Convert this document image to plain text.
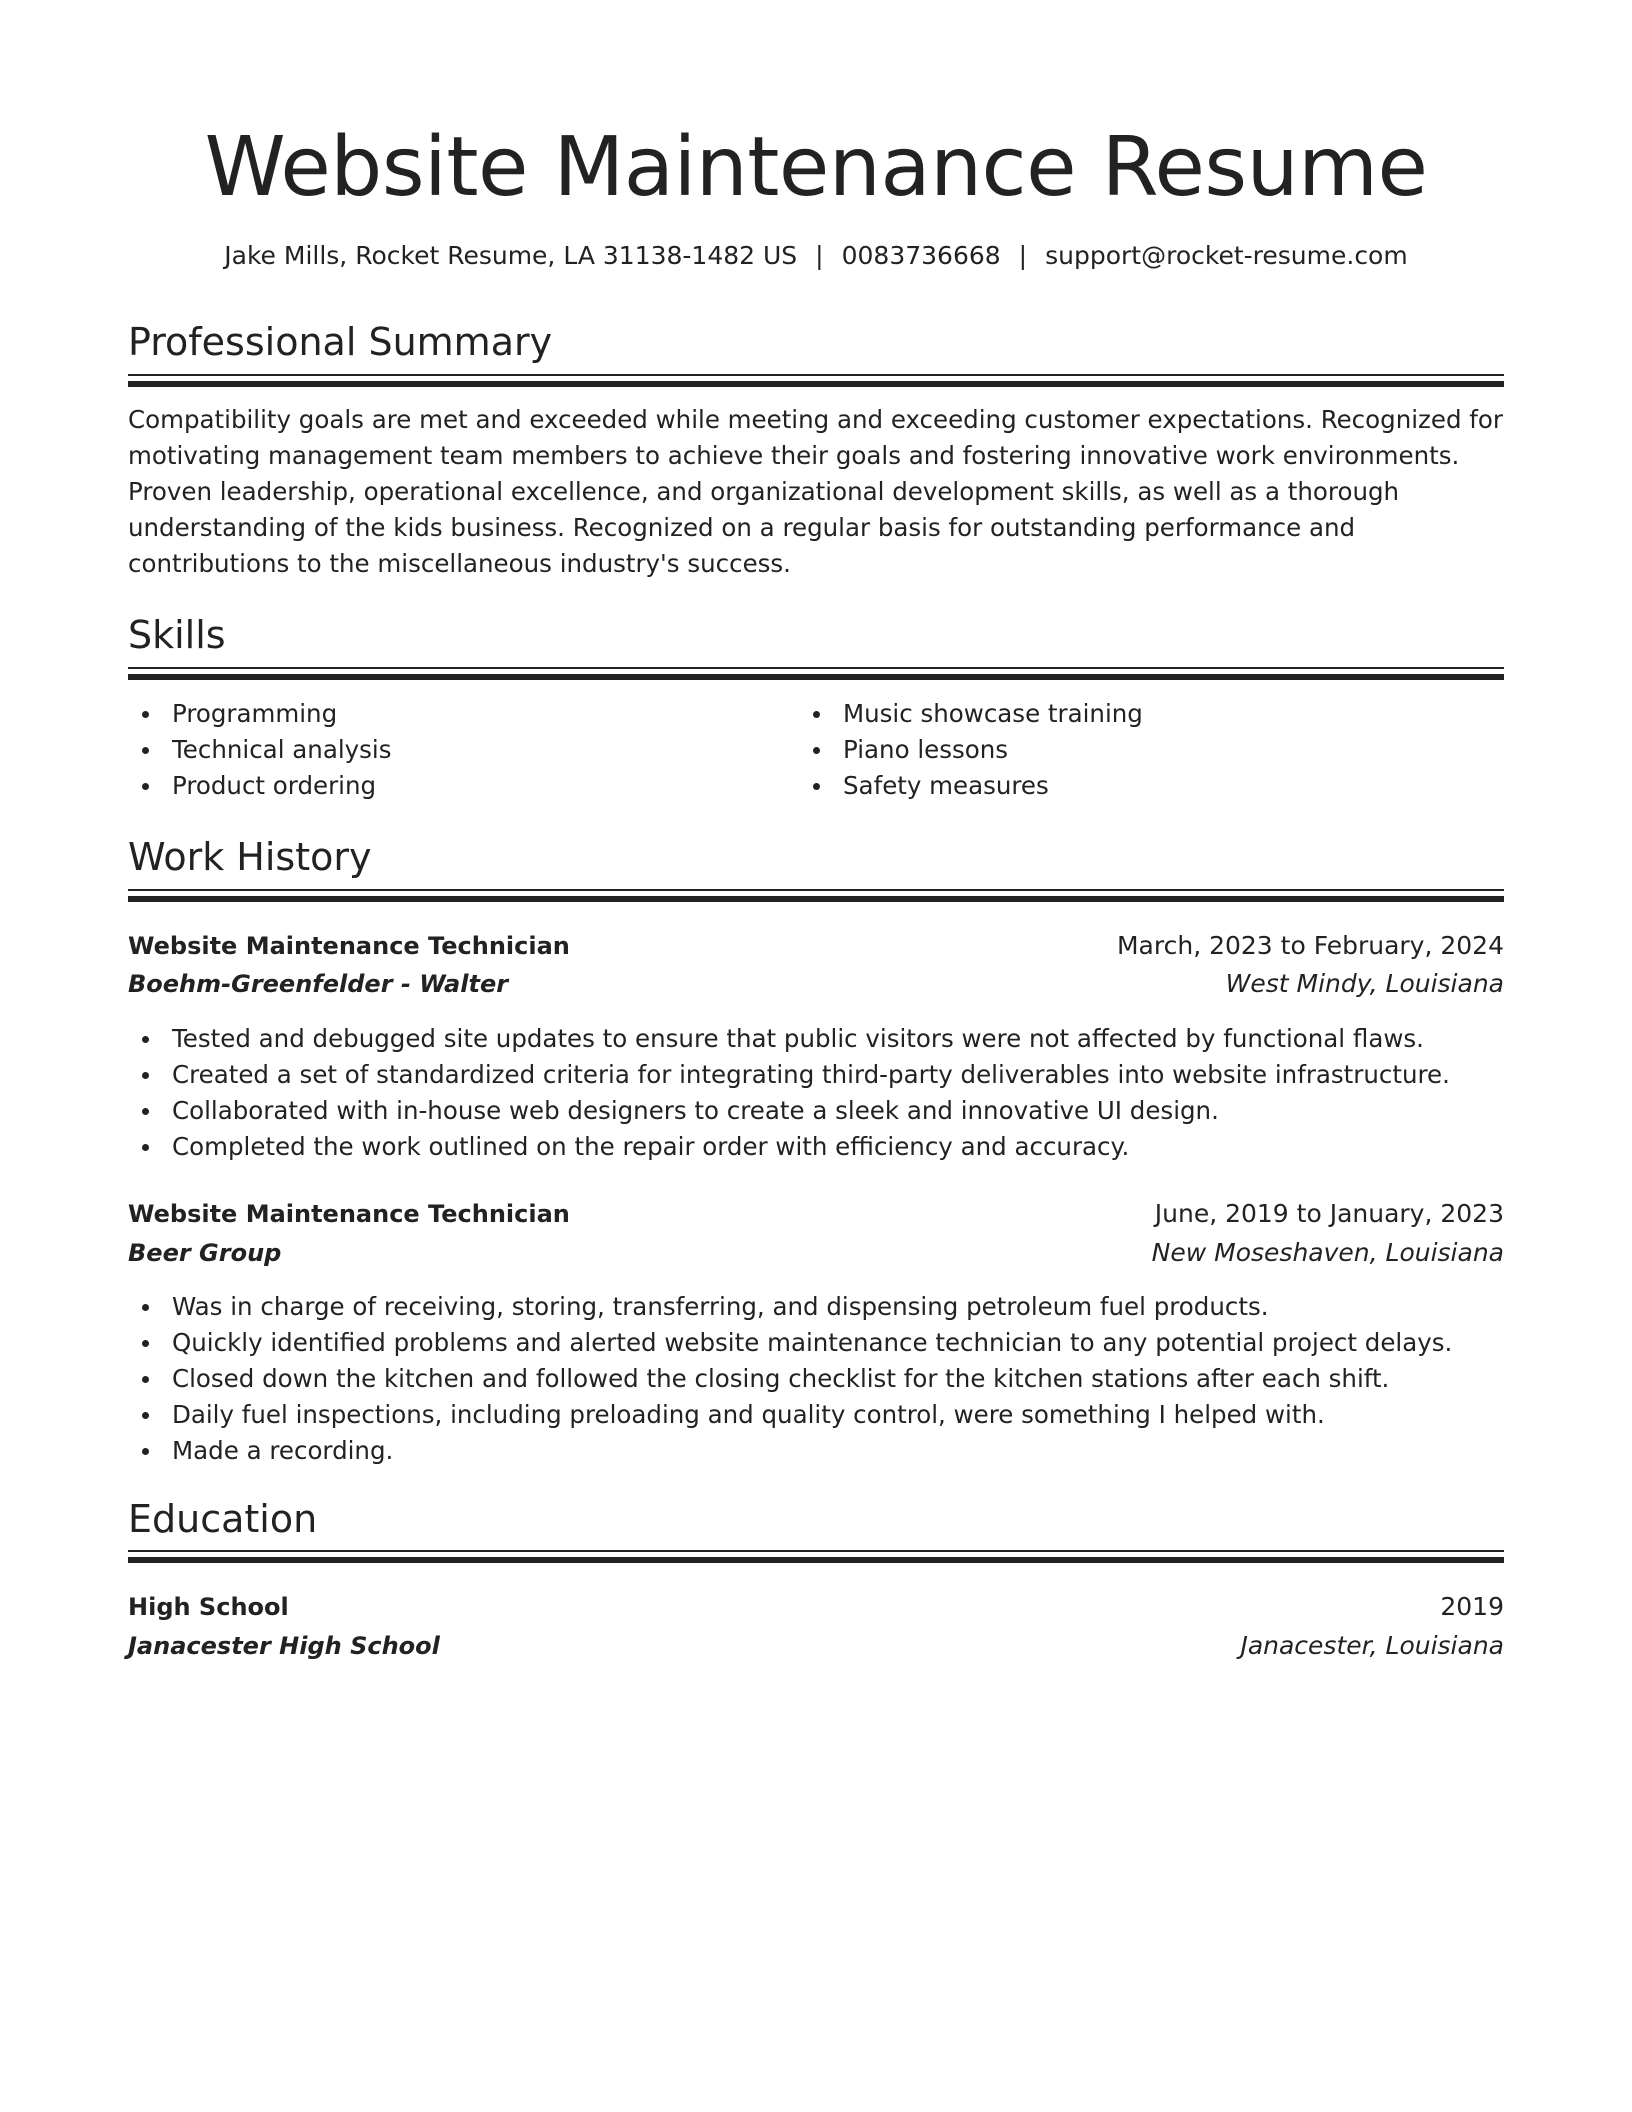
Website Maintenance Resume
Jake Mills, Rocket Resume, LA 31138-1482 US | 0083736668 | support@rocket-resume.com
Professional Summary

Compatibility goals are met and exceeded while meeting and exceeding customer expectations. Recognized for motivating management team members to achieve their goals and fostering innovative work environments. Proven leadership, operational excellence, and organizational development skills, as well as a thorough understanding of the kids business. Recognized on a regular basis for outstanding performance and contributions to the miscellaneous industry's success.

Skills
Programming
Technical analysis
Product ordering
Music showcase training
Piano lessons
Safety measures
Work History
Website Maintenance Technician	March, 2023 to February, 2024
Boehm-Greenfelder - Walter	West Mindy, Louisiana
Tested and debugged site updates to ensure that public visitors were not affected by functional flaws.
Created a set of standardized criteria for integrating third-party deliverables into website infrastructure.
Collaborated with in-house web designers to create a sleek and innovative UI design.
Completed the work outlined on the repair order with efficiency and accuracy.
Website Maintenance Technician	June, 2019 to January, 2023
Beer Group	New Moseshaven, Louisiana
Was in charge of receiving, storing, transferring, and dispensing petroleum fuel products.
Quickly identified problems and alerted website maintenance technician to any potential project delays.
Closed down the kitchen and followed the closing checklist for the kitchen stations after each shift.
Daily fuel inspections, including preloading and quality control, were something I helped with.
Made a recording.
Education
High School	2019
Janacester High School	Janacester, Louisiana
